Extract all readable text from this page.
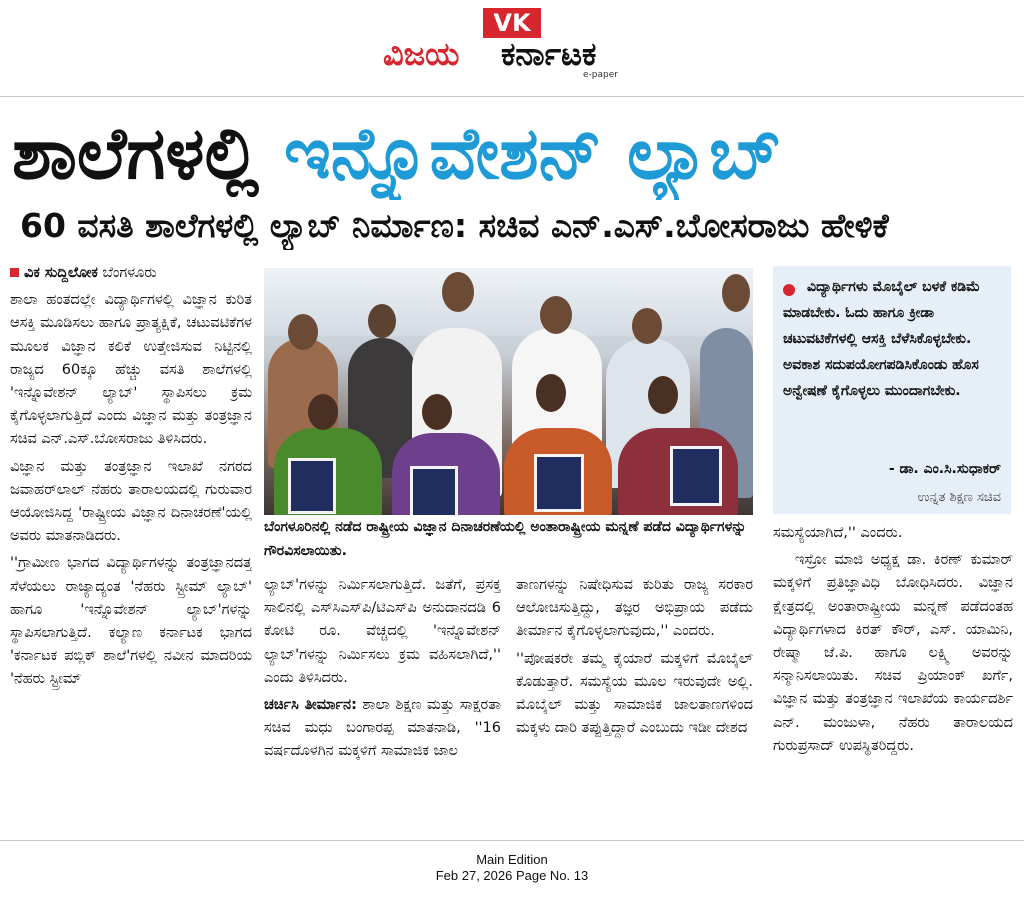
VK
ವಿಜಯ ಕರ್ನಾಟಕ
e-paper
ಶಾಲೆಗಳಲ್ಲಿ ಇನ್ನೊವೇಶನ್ ಲ್ಯಾಬ್
60 ವಸತಿ ಶಾಲೆಗಳಲ್ಲಿ ಲ್ಯಾಬ್ ನಿರ್ಮಾಣ: ಸಚಿವ ಎನ್.ಎಸ್.ಬೋಸರಾಜು ಹೇಳಿಕೆ

ವಿಕ ಸುದ್ದಿಲೋಕ ಬೆಂಗಳೂರು

ಶಾಲಾ ಹಂತದಲ್ಲೇ ವಿದ್ಯಾರ್ಥಿಗಳಲ್ಲಿ ವಿಜ್ಞಾನ ಕುರಿತ ಆಸಕ್ತಿ ಮೂಡಿಸಲು ಹಾಗೂ ಪ್ರಾತ್ಯಕ್ಷಿಕೆ, ಚಟುವಟಿಕೆಗಳ ಮೂಲಕ ವಿಜ್ಞಾನ ಕಲಿಕೆ ಉತ್ತೇಜಿಸುವ ನಿಟ್ಟಿನಲ್ಲಿ ರಾಜ್ಯದ 60ಕ್ಕೂ ಹೆಚ್ಚು ವಸತಿ ಶಾಲೆಗಳಲ್ಲಿ 'ಇನ್ನೊವೇಶನ್ ಲ್ಯಾಬ್' ಸ್ಥಾಪಿಸಲು ಕ್ರಮ ಕೈಗೊಳ್ಳಲಾಗುತ್ತಿದೆ ಎಂದು ವಿಜ್ಞಾನ ಮತ್ತು ತಂತ್ರಜ್ಞಾನ ಸಚಿವ ಎನ್.ಎಸ್.ಬೋಸರಾಜು ತಿಳಿಸಿದರು.

ವಿಜ್ಞಾನ ಮತ್ತು ತಂತ್ರಜ್ಞಾನ ಇಲಾಖೆ ನಗರದ ಜವಾಹರ್‌ಲಾಲ್ ನೆಹರು ತಾರಾಲಯದಲ್ಲಿ ಗುರುವಾರ ಆಯೋಜಿಸಿದ್ದ 'ರಾಷ್ಟ್ರೀಯ ವಿಜ್ಞಾನ ದಿನಾಚರಣೆ'ಯಲ್ಲಿ ಅವರು ಮಾತನಾಡಿದರು.

''ಗ್ರಾಮೀಣ ಭಾಗದ ವಿದ್ಯಾರ್ಥಿಗಳನ್ನು ತಂತ್ರಜ್ಞಾನದತ್ತ ಸೆಳೆಯಲು ರಾಜ್ಯಾದ್ಯಂತ 'ನೆಹರು ಸ್ಟ್ರೀಮ್ ಲ್ಯಾಬ್' ಹಾಗೂ 'ಇನ್ನೊವೇಶನ್ ಲ್ಯಾಬ್'ಗಳನ್ನು ಸ್ಥಾಪಿಸಲಾಗುತ್ತಿದೆ. ಕಲ್ಯಾಣ ಕರ್ನಾಟಕ ಭಾಗದ 'ಕರ್ನಾಟಕ ಪಬ್ಲಿಕ್ ಶಾಲೆ'ಗಳಲ್ಲಿ ನವೀನ ಮಾದರಿಯ 'ನೆಹರು ಸ್ಟ್ರೀಮ್

ಬೆಂಗಳೂರಿನಲ್ಲಿ ನಡೆದ ರಾಷ್ಟ್ರೀಯ ವಿಜ್ಞಾನ ದಿನಾಚರಣೆಯಲ್ಲಿ ಅಂತಾರಾಷ್ಟ್ರೀಯ ಮನ್ನಣೆ ಪಡೆದ ವಿದ್ಯಾರ್ಥಿಗಳನ್ನು ಗೌರವಿಸಲಾಯಿತು.

ಲ್ಯಾಬ್'ಗಳನ್ನು ನಿರ್ಮಿಸಲಾಗುತ್ತಿದೆ. ಜತೆಗೆ, ಪ್ರಸಕ್ತ ಸಾಲಿನಲ್ಲಿ ಎಸ್‌ಸಿಎಸ್‌ಪಿ/ಟಿಎಸ್‌ಪಿ ಅನುದಾನದಡಿ 6 ಕೋಟಿ ರೂ. ವೆಚ್ಚದಲ್ಲಿ 'ಇನ್ನೊವೇಶನ್ ಲ್ಯಾಬ್'ಗಳನ್ನು ನಿರ್ಮಿಸಲು ಕ್ರಮ ವಹಿಸಲಾಗಿದೆ,'' ಎಂದು ತಿಳಿಸಿದರು.

ಚರ್ಚಿಸಿ ತೀರ್ಮಾನ: ಶಾಲಾ ಶಿಕ್ಷಣ ಮತ್ತು ಸಾಕ್ಷರತಾ ಸಚಿವ ಮಧು ಬಂಗಾರಪ್ಪ ಮಾತನಾಡಿ, ''16 ವರ್ಷದೊಳಗಿನ ಮಕ್ಕಳಿಗೆ ಸಾಮಾಜಿಕ ಜಾಲ

ತಾಣಗಳನ್ನು ನಿಷೇಧಿಸುವ ಕುರಿತು ರಾಜ್ಯ ಸರಕಾರ ಆಲೋಚಿಸುತ್ತಿದ್ದು, ತಜ್ಞರ ಅಭಿಪ್ರಾಯ ಪಡೆದು ತೀರ್ಮಾನ ಕೈಗೊಳ್ಳಲಾಗುವುದು,'' ಎಂದರು.

''ಪೋಷಕರೇ ತಮ್ಮ ಕೈಯಾರೆ ಮಕ್ಕಳಿಗೆ ಮೊಬೈಲ್ ಕೊಡುತ್ತಾರೆ. ಸಮಸ್ಯೆಯ ಮೂಲ ಇರುವುದೇ ಅಲ್ಲಿ. ಮೊಬೈಲ್ ಮತ್ತು ಸಾಮಾಜಿಕ ಜಾಲತಾಣಗಳಿಂದ ಮಕ್ಕಳು ದಾರಿ ತಪ್ಪುತ್ತಿದ್ದಾರೆ ಎಂಬುದು ಇಡೀ ದೇಶದ

ವಿದ್ಯಾರ್ಥಿಗಳು ಮೊಬೈಲ್ ಬಳಕೆ ಕಡಿಮೆ ಮಾಡಬೇಕು. ಓದು ಹಾಗೂ ಕ್ರೀಡಾ ಚಟುವಟಿಕೆಗಳಲ್ಲಿ ಆಸಕ್ತಿ ಬೆಳೆಸಿಕೊಳ್ಳಬೇಕು. ಅವಕಾಶ ಸದುಪಯೋಗಪಡಿಸಿಕೊಂಡು ಹೊಸ ಅನ್ವೇಷಣೆ ಕೈಗೊಳ್ಳಲು ಮುಂದಾಗಬೇಕು.
- ಡಾ. ಎಂ.ಸಿ.ಸುಧಾಕರ್
ಉನ್ನತ ಶಿಕ್ಷಣ ಸಚಿವ

ಸಮಸ್ಯೆಯಾಗಿದೆ,'' ಎಂದರು.

ಇಸ್ರೋ ಮಾಜಿ ಅಧ್ಯಕ್ಷ ಡಾ. ಕಿರಣ್ ಕುಮಾರ್ ಮಕ್ಕಳಿಗೆ ಪ್ರತಿಜ್ಞಾವಿಧಿ ಬೋಧಿಸಿದರು. ವಿಜ್ಞಾನ ಕ್ಷೇತ್ರದಲ್ಲಿ ಅಂತಾರಾಷ್ಟ್ರೀಯ ಮನ್ನಣೆ ಪಡೆದಂತಹ ವಿದ್ಯಾರ್ಥಿಗಳಾದ ಕಿರತ್ ಕೌರ್, ಎಸ್. ಯಾಮಿನಿ, ರೇಷ್ಮಾ ಜೆ.ಪಿ. ಹಾಗೂ ಲಕ್ಷ್ಮಿ ಅವರನ್ನು ಸನ್ಮಾನಿಸಲಾಯಿತು. ಸಚಿವ ಪ್ರಿಯಾಂಕ್ ಖರ್ಗೆ, ವಿಜ್ಞಾನ ಮತ್ತು ತಂತ್ರಜ್ಞಾನ ಇಲಾಖೆಯ ಕಾರ್ಯದರ್ಶಿ ಎನ್. ಮಂಜುಳಾ, ನೆಹರು ತಾರಾಲಯದ ಗುರುಪ್ರಸಾದ್ ಉಪಸ್ಥಿತರಿದ್ದರು.

Main Edition
Feb 27, 2026 Page No. 13
